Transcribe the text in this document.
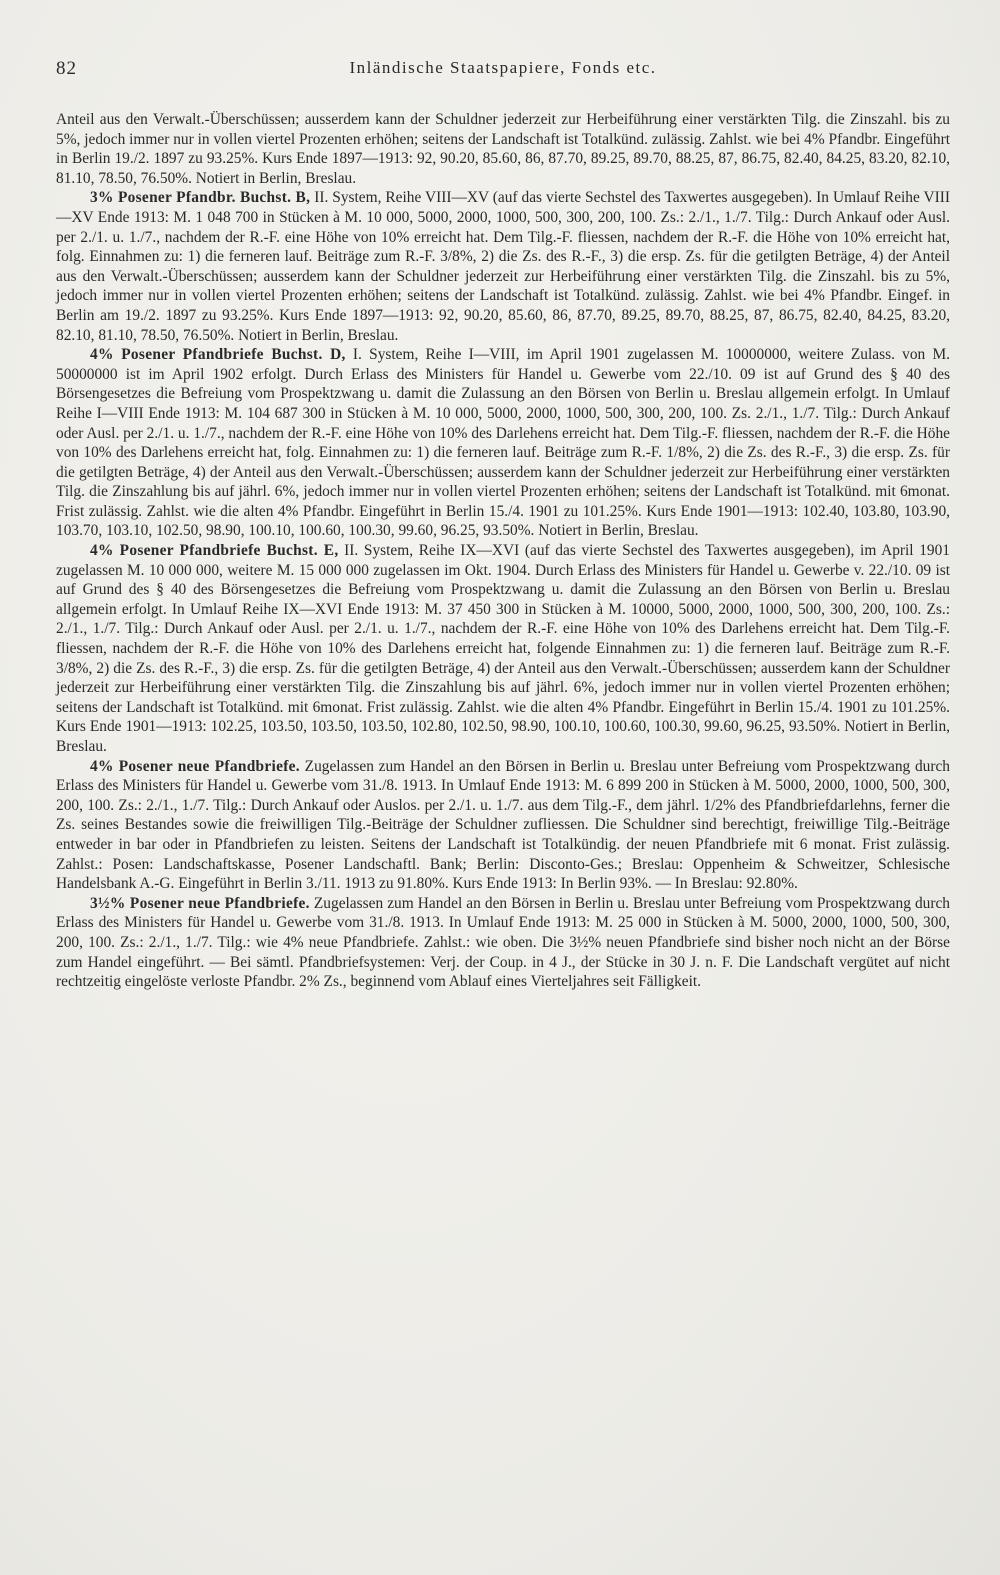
82	Inländische Staatspapiere, Fonds etc.

Anteil aus den Verwalt.-Überschüssen; ausserdem kann der Schuldner jederzeit zur Herbeiführung einer verstärkten Tilg. die Zinszahl. bis zu 5%, jedoch immer nur in vollen viertel Prozenten erhöhen; seitens der Landschaft ist Totalkünd. zulässig. Zahlst. wie bei 4% Pfandbr. Eingeführt in Berlin 19./2. 1897 zu 93.25%. Kurs Ende 1897—1913: 92, 90.20, 85.60, 86, 87.70, 89.25, 89.70, 88.25, 87, 86.75, 82.40, 84.25, 83.20, 82.10, 81.10, 78.50, 76.50%. Notiert in Berlin, Breslau.

3% Posener Pfandbr. Buchst. B, II. System, Reihe VIII—XV (auf das vierte Sechstel des Taxwertes ausgegeben). In Umlauf Reihe VIII—XV Ende 1913: M. 1 048 700 in Stücken à M. 10 000, 5000, 2000, 1000, 500, 300, 200, 100. Zs.: 2./1., 1./7. Tilg.: Durch Ankauf oder Ausl. per 2./1. u. 1./7., nachdem der R.-F. eine Höhe von 10% erreicht hat. Dem Tilg.-F. fliessen, nachdem der R.-F. die Höhe von 10% erreicht hat, folg. Einnahmen zu: 1) die ferneren lauf. Beiträge zum R.-F. 3/8%, 2) die Zs. des R.-F., 3) die ersp. Zs. für die getilgten Beträge, 4) der Anteil aus den Verwalt.-Überschüssen; ausserdem kann der Schuldner jederzeit zur Herbeiführung einer verstärkten Tilg. die Zinszahl. bis zu 5%, jedoch immer nur in vollen viertel Prozenten erhöhen; seitens der Landschaft ist Totalkünd. zulässig. Zahlst. wie bei 4% Pfandbr. Eingef. in Berlin am 19./2. 1897 zu 93.25%. Kurs Ende 1897—1913: 92, 90.20, 85.60, 86, 87.70, 89.25, 89.70, 88.25, 87, 86.75, 82.40, 84.25, 83.20, 82.10, 81.10, 78.50, 76.50%. Notiert in Berlin, Breslau.

4% Posener Pfandbriefe Buchst. D, I. System, Reihe I—VIII, im April 1901 zugelassen M. 10000000, weitere Zulass. von M. 50000000 ist im April 1902 erfolgt. Durch Erlass des Ministers für Handel u. Gewerbe vom 22./10. 09 ist auf Grund des § 40 des Börsengesetzes die Befreiung vom Prospektzwang u. damit die Zulassung an den Börsen von Berlin u. Breslau allgemein erfolgt. In Umlauf Reihe I—VIII Ende 1913: M. 104 687 300 in Stücken à M. 10 000, 5000, 2000, 1000, 500, 300, 200, 100. Zs. 2./1., 1./7. Tilg.: Durch Ankauf oder Ausl. per 2./1. u. 1./7., nachdem der R.-F. eine Höhe von 10% des Darlehens erreicht hat. Dem Tilg.-F. fliessen, nachdem der R.-F. die Höhe von 10% des Darlehens erreicht hat, folg. Einnahmen zu: 1) die ferneren lauf. Beiträge zum R.-F. 1/8%, 2) die Zs. des R.-F., 3) die ersp. Zs. für die getilgten Beträge, 4) der Anteil aus den Verwalt.-Überschüssen; ausserdem kann der Schuldner jederzeit zur Herbeiführung einer verstärkten Tilg. die Zinszahlung bis auf jährl. 6%, jedoch immer nur in vollen viertel Prozenten erhöhen; seitens der Landschaft ist Totalkünd. mit 6monat. Frist zulässig. Zahlst. wie die alten 4% Pfandbr. Eingeführt in Berlin 15./4. 1901 zu 101.25%. Kurs Ende 1901—1913: 102.40, 103.80, 103.90, 103.70, 103.10, 102.50, 98.90, 100.10, 100.60, 100.30, 99.60, 96.25, 93.50%. Notiert in Berlin, Breslau.

4% Posener Pfandbriefe Buchst. E, II. System, Reihe IX—XVI (auf das vierte Sechstel des Taxwertes ausgegeben), im April 1901 zugelassen M. 10 000 000, weitere M. 15 000 000 zugelassen im Okt. 1904. Durch Erlass des Ministers für Handel u. Gewerbe v. 22./10. 09 ist auf Grund des § 40 des Börsengesetzes die Befreiung vom Prospektzwang u. damit die Zulassung an den Börsen von Berlin u. Breslau allgemein erfolgt. In Umlauf Reihe IX—XVI Ende 1913: M. 37 450 300 in Stücken à M. 10000, 5000, 2000, 1000, 500, 300, 200, 100. Zs.: 2./1., 1./7. Tilg.: Durch Ankauf oder Ausl. per 2./1. u. 1./7., nachdem der R.-F. eine Höhe von 10% des Darlehens erreicht hat. Dem Tilg.-F. fliessen, nachdem der R.-F. die Höhe von 10% des Darlehens erreicht hat, folgende Einnahmen zu: 1) die ferneren lauf. Beiträge zum R.-F. 3/8%, 2) die Zs. des R.-F., 3) die ersp. Zs. für die getilgten Beträge, 4) der Anteil aus den Verwalt.-Überschüssen; ausserdem kann der Schuldner jederzeit zur Herbeiführung einer verstärkten Tilg. die Zinszahlung bis auf jährl. 6%, jedoch immer nur in vollen viertel Prozenten erhöhen; seitens der Landschaft ist Totalkünd. mit 6monat. Frist zulässig. Zahlst. wie die alten 4% Pfandbr. Eingeführt in Berlin 15./4. 1901 zu 101.25%. Kurs Ende 1901—1913: 102.25, 103.50, 103.50, 103.50, 102.80, 102.50, 98.90, 100.10, 100.60, 100.30, 99.60, 96.25, 93.50%. Notiert in Berlin, Breslau.

4% Posener neue Pfandbriefe. Zugelassen zum Handel an den Börsen in Berlin u. Breslau unter Befreiung vom Prospektzwang durch Erlass des Ministers für Handel u. Gewerbe vom 31./8. 1913. In Umlauf Ende 1913: M. 6 899 200 in Stücken à M. 5000, 2000, 1000, 500, 300, 200, 100. Zs.: 2./1., 1./7. Tilg.: Durch Ankauf oder Auslos. per 2./1. u. 1./7. aus dem Tilg.-F., dem jährl. 1/2% des Pfandbriefdarlehns, ferner die Zs. seines Bestandes sowie die freiwilligen Tilg.-Beiträge der Schuldner zufliessen. Die Schuldner sind berechtigt, freiwillige Tilg.-Beiträge entweder in bar oder in Pfandbriefen zu leisten. Seitens der Landschaft ist Totalkündig. der neuen Pfandbriefe mit 6 monat. Frist zulässig. Zahlst.: Posen: Landschaftskasse, Posener Landschaftl. Bank; Berlin: Disconto-Ges.; Breslau: Oppenheim & Schweitzer, Schlesische Handelsbank A.-G. Eingeführt in Berlin 3./11. 1913 zu 91.80%. Kurs Ende 1913: In Berlin 93%. — In Breslau: 92.80%.

3½% Posener neue Pfandbriefe. Zugelassen zum Handel an den Börsen in Berlin u. Breslau unter Befreiung vom Prospektzwang durch Erlass des Ministers für Handel u. Gewerbe vom 31./8. 1913. In Umlauf Ende 1913: M. 25 000 in Stücken à M. 5000, 2000, 1000, 500, 300, 200, 100. Zs.: 2./1., 1./7. Tilg.: wie 4% neue Pfandbriefe. Zahlst.: wie oben. Die 3½% neuen Pfandbriefe sind bisher noch nicht an der Börse zum Handel eingeführt. — Bei sämtl. Pfandbriefsystemen: Verj. der Coup. in 4 J., der Stücke in 30 J. n. F. Die Landschaft vergütet auf nicht rechtzeitig eingelöste verloste Pfandbr. 2% Zs., beginnend vom Ablauf eines Vierteljahres seit Fälligkeit.
